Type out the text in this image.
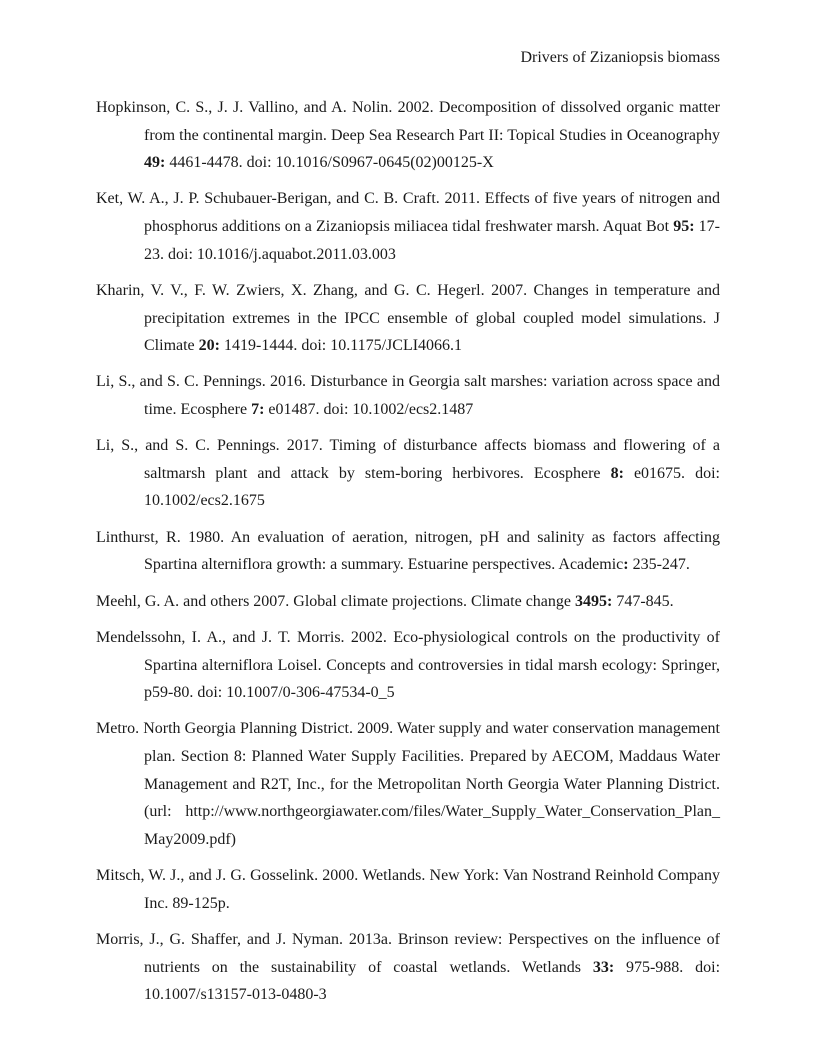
Drivers of Zizaniopsis biomass

Hopkinson, C. S., J. J. Vallino, and A. Nolin. 2002. Decomposition of dissolved organic matter from the continental margin. Deep Sea Research Part II: Topical Studies in Oceanography 49: 4461-4478. doi: 10.1016/S0967-0645(02)00125-X

Ket, W. A., J. P. Schubauer-Berigan, and C. B. Craft. 2011. Effects of five years of nitrogen and phosphorus additions on a Zizaniopsis miliacea tidal freshwater marsh. Aquat Bot 95: 17-23. doi: 10.1016/j.aquabot.2011.03.003

Kharin, V. V., F. W. Zwiers, X. Zhang, and G. C. Hegerl. 2007. Changes in temperature and precipitation extremes in the IPCC ensemble of global coupled model simulations. J Climate 20: 1419-1444. doi: 10.1175/JCLI4066.1

Li, S., and S. C. Pennings. 2016. Disturbance in Georgia salt marshes: variation across space and time. Ecosphere 7: e01487. doi: 10.1002/ecs2.1487

Li, S., and S. C. Pennings. 2017. Timing of disturbance affects biomass and flowering of a saltmarsh plant and attack by stem-boring herbivores. Ecosphere 8: e01675. doi: 10.1002/ecs2.1675

Linthurst, R. 1980. An evaluation of aeration, nitrogen, pH and salinity as factors affecting Spartina alterniflora growth: a summary. Estuarine perspectives. Academic: 235-247.

Meehl, G. A. and others 2007. Global climate projections. Climate change 3495: 747-845.

Mendelssohn, I. A., and J. T. Morris. 2002. Eco-physiological controls on the productivity of Spartina alterniflora Loisel. Concepts and controversies in tidal marsh ecology: Springer, p59-80. doi: 10.1007/0-306-47534-0_5

Metro. North Georgia Planning District. 2009. Water supply and water conservation management plan. Section 8: Planned Water Supply Facilities. Prepared by AECOM, Maddaus Water Management and R2T, Inc., for the Metropolitan North Georgia Water Planning District. (url: http://www.northgeorgiawater.com/files/Water_Supply_Water_Conservation_Plan_May2009.pdf)

Mitsch, W. J., and J. G. Gosselink. 2000. Wetlands. New York: Van Nostrand Reinhold Company Inc. 89-125p.

Morris, J., G. Shaffer, and J. Nyman. 2013a. Brinson review: Perspectives on the influence of nutrients on the sustainability of coastal wetlands. Wetlands 33: 975-988. doi: 10.1007/s13157-013-0480-3
